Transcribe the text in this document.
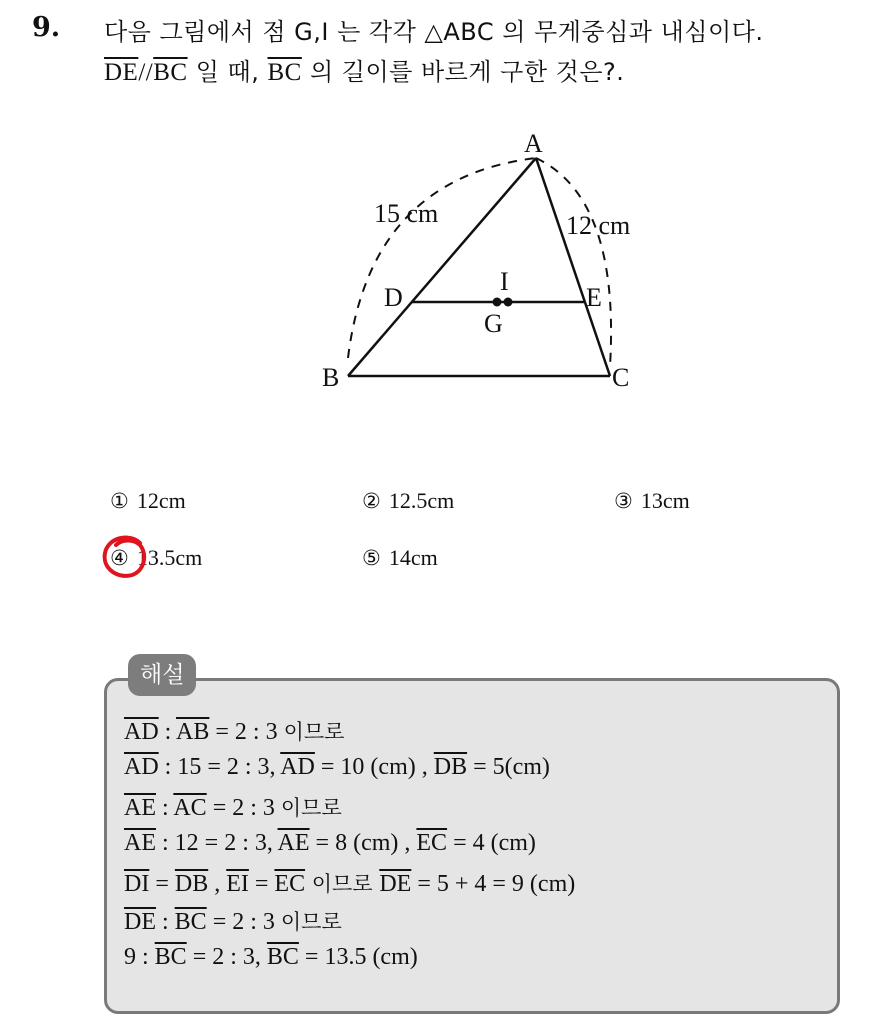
9. 다음 그림에서 점 G,I 는 각각 △ABC 의 무게중심과 내심이다.
$\overline{DE}//\overline{BC}$ 일 때, $\overline{BC}$ 의 길이를 바르게 구한 것은?.
A
B	C
D	E
G
I
15 cm	12 cm
① 12cm	② 12.5cm	③ 13cm
④ 13.5cm	⑤ 14cm
해설
$\overline{AD}$ : $\overline{AB} = 2$ : 3 이므로
$\overline{AD}$ : 15 = 2 : 3, $\overline{AD} = 10$ (cm) , $\overline{DB} = 5(cm)$
$\overline{AE}$ : $\overline{AC} = 2$ : 3 이므로
$\overline{AE}$ : 12 = 2 : 3, $\overline{AE} = 8$ (cm) , $\overline{EC} = 4$ (cm)
$\overline{DI} = \overline{DB}$ , $\overline{EI} = \overline{EC}$ 이므로 $\overline{DE} = 5 + 4 = 9$ (cm)
$\overline{DE}$ : $\overline{BC} = 2$ : 3 이므로
9 : $\overline{BC} = 2$ : 3, $\overline{BC} = 13.5$ (cm)
